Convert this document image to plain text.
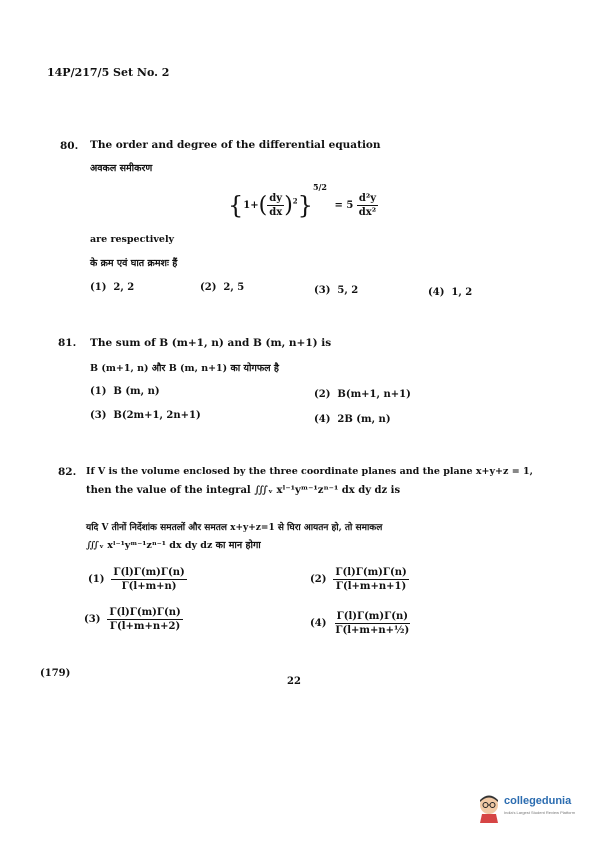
14P/217/5 Set No. 2
80. The order and degree of the differential equation
अवकल समीकरण
$\{1+( \frac{dy}{dx} )^2\}^{5/2} = 5 \frac{\text{d²y}}{\text{dx²}}$
are respectively
के क्रम एवं घात क्रमशः हैं
(1) 2, 2	(2) 2, 5	(3) 5, 2	(4) 1, 2
81. The sum of B (m+1, n) and B (m, n+1) is
B (m+1, n) और B (m, n+1) का योगफल है
(1) B (m, n)	(2) B(m+1, n+1)
(3) B(2m+1, 2n+1)	(4) 2B (m, n)
82. If V is the volume enclosed by the three coordinate planes and the plane x+y+z = 1,
then the value of the integral ∭ᵥ xˡ⁻¹yᵐ⁻¹zⁿ⁻¹ dx dy dz is
यदि V तीनों निर्देशांक समतलों और समतल x+y+z=1 से घिरा आयतन हो, तो समाकल
∭ᵥ xˡ⁻¹yᵐ⁻¹zⁿ⁻¹ dx dy dz का मान होगा
$(1) \frac{\Gamma(l)\Gamma(m)\Gamma(n)}{\Gamma(l+m+n)}$	$(2) \frac{\Gamma(l)\Gamma(m)\Gamma(n)}{\Gamma(l+m+n+1)}$
$(3) \frac{\Gamma(l)\Gamma(m)\Gamma(n)}{\Gamma(l+m+n+2)}$	$(4) \frac{\Gamma(l)\Gamma(m)\Gamma(n)}{\text{Γ(l+m+n+½)}}$
(179)
22
collegedunia
India's Largest Student Review Platform
